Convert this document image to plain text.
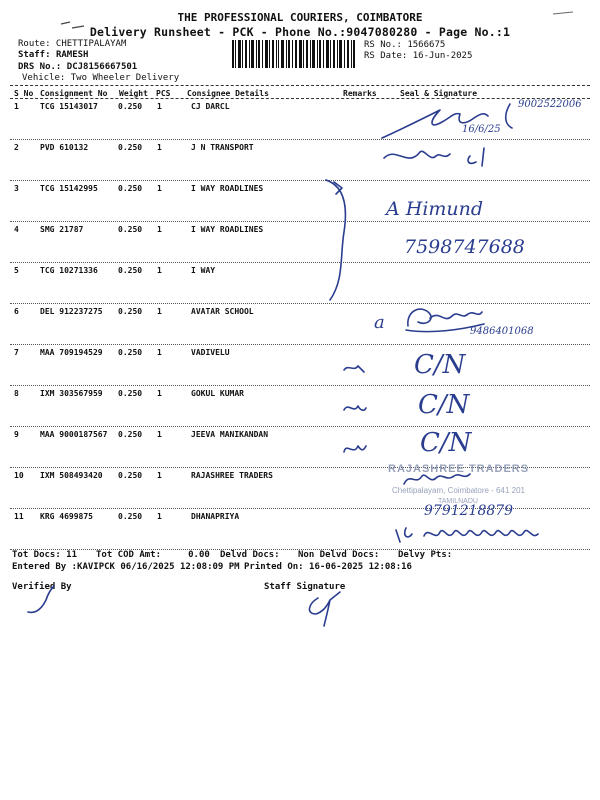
THE PROFESSIONAL COURIERS, COIMBATORE
Delivery Runsheet - PCK - Phone No.:9047080280 - Page No.:1
Route: CHETTIPALAYAM
Staff: RAMESH
DRS No.: DCJ8156667501
Vehicle: Two Wheeler Delivery
RS No.: 1566675
RS Date: 16-Jun-2025
S No Consignment No Weight PCS Consignee Details	Remarks	Seal & Signature
1	TCG 15143017	0.250 1	CJ DARCL
2	PVD 610132	0.250 1	J N TRANSPORT
3	TCG 15142995	0.250 1	I WAY ROADLINES
4	SMG 21787	0.250 1	I WAY ROADLINES
5	TCG 10271336	0.250 1	I WAY
6	DEL 912237275 0.250 1	AVATAR SCHOOL
7	MAA 709194529 0.250 1	VADIVELU
8	IXM 303567959 0.250 1	GOKUL KUMAR
9	MAA 9000187567 0.250 1	JEEVA MANIKANDAN
10 IXM 508493420 0.250 1	RAJASHREE TRADERS
11 KRG 4699875	0.250 1	DHANAPRIYA
9002522006
16/6/25
A Himund
7598747688
a	9486401068
C/N
C/N
C/N
RAJASHREE TRADERS
Chettipalayam, Coimbatore - 641 201
TAMILNADU
9791218879
Tot Docs: 11 Tot COD Amt:     0.00 Delvd Docs: Non Delvd Docs: Delvy Pts:
Entered By :KAVIPCK 06/16/2025 12:08:09 PM Printed On: 16-06-2025 12:08:16
Verified By	Staff Signature
